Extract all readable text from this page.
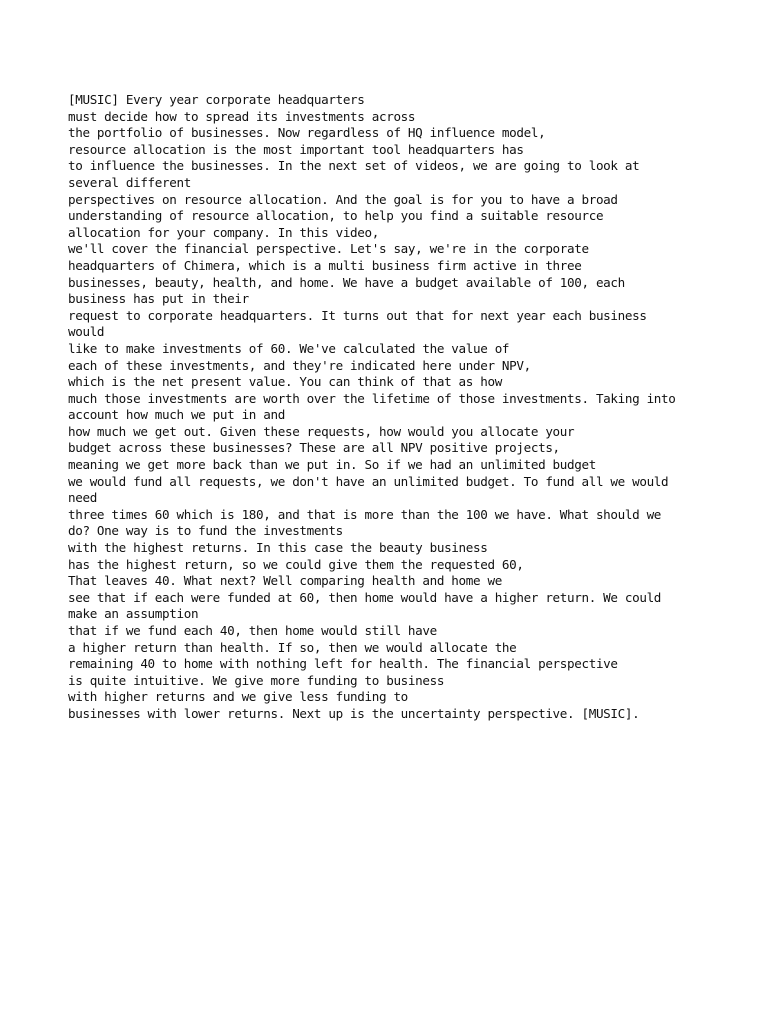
[MUSIC] Every year corporate headquarters
must decide how to spread its investments across
the portfolio of businesses. Now regardless of HQ influence model,
resource allocation is the most important tool headquarters has
to influence the businesses. In the next set of videos, we are going to look at
several different
perspectives on resource allocation. And the goal is for you to have a broad
understanding of resource allocation, to help you find a suitable resource
allocation for your company. In this video,
we'll cover the financial perspective. Let's say, we're in the corporate
headquarters of Chimera, which is a multi business firm active in three
businesses, beauty, health, and home. We have a budget available of 100, each
business has put in their
request to corporate headquarters. It turns out that for next year each business
would
like to make investments of 60. We've calculated the value of
each of these investments, and they're indicated here under NPV,
which is the net present value. You can think of that as how
much those investments are worth over the lifetime of those investments. Taking into
account how much we put in and
how much we get out. Given these requests, how would you allocate your
budget across these businesses? These are all NPV positive projects,
meaning we get more back than we put in. So if we had an unlimited budget
we would fund all requests, we don't have an unlimited budget. To fund all we would
need
three times 60 which is 180, and that is more than the 100 we have. What should we
do? One way is to fund the investments
with the highest returns. In this case the beauty business
has the highest return, so we could give them the requested 60,
That leaves 40. What next? Well comparing health and home we
see that if each were funded at 60, then home would have a higher return. We could
make an assumption
that if we fund each 40, then home would still have
a higher return than health. If so, then we would allocate the
remaining 40 to home with nothing left for health. The financial perspective
is quite intuitive. We give more funding to business
with higher returns and we give less funding to
businesses with lower returns. Next up is the uncertainty perspective. [MUSIC].
